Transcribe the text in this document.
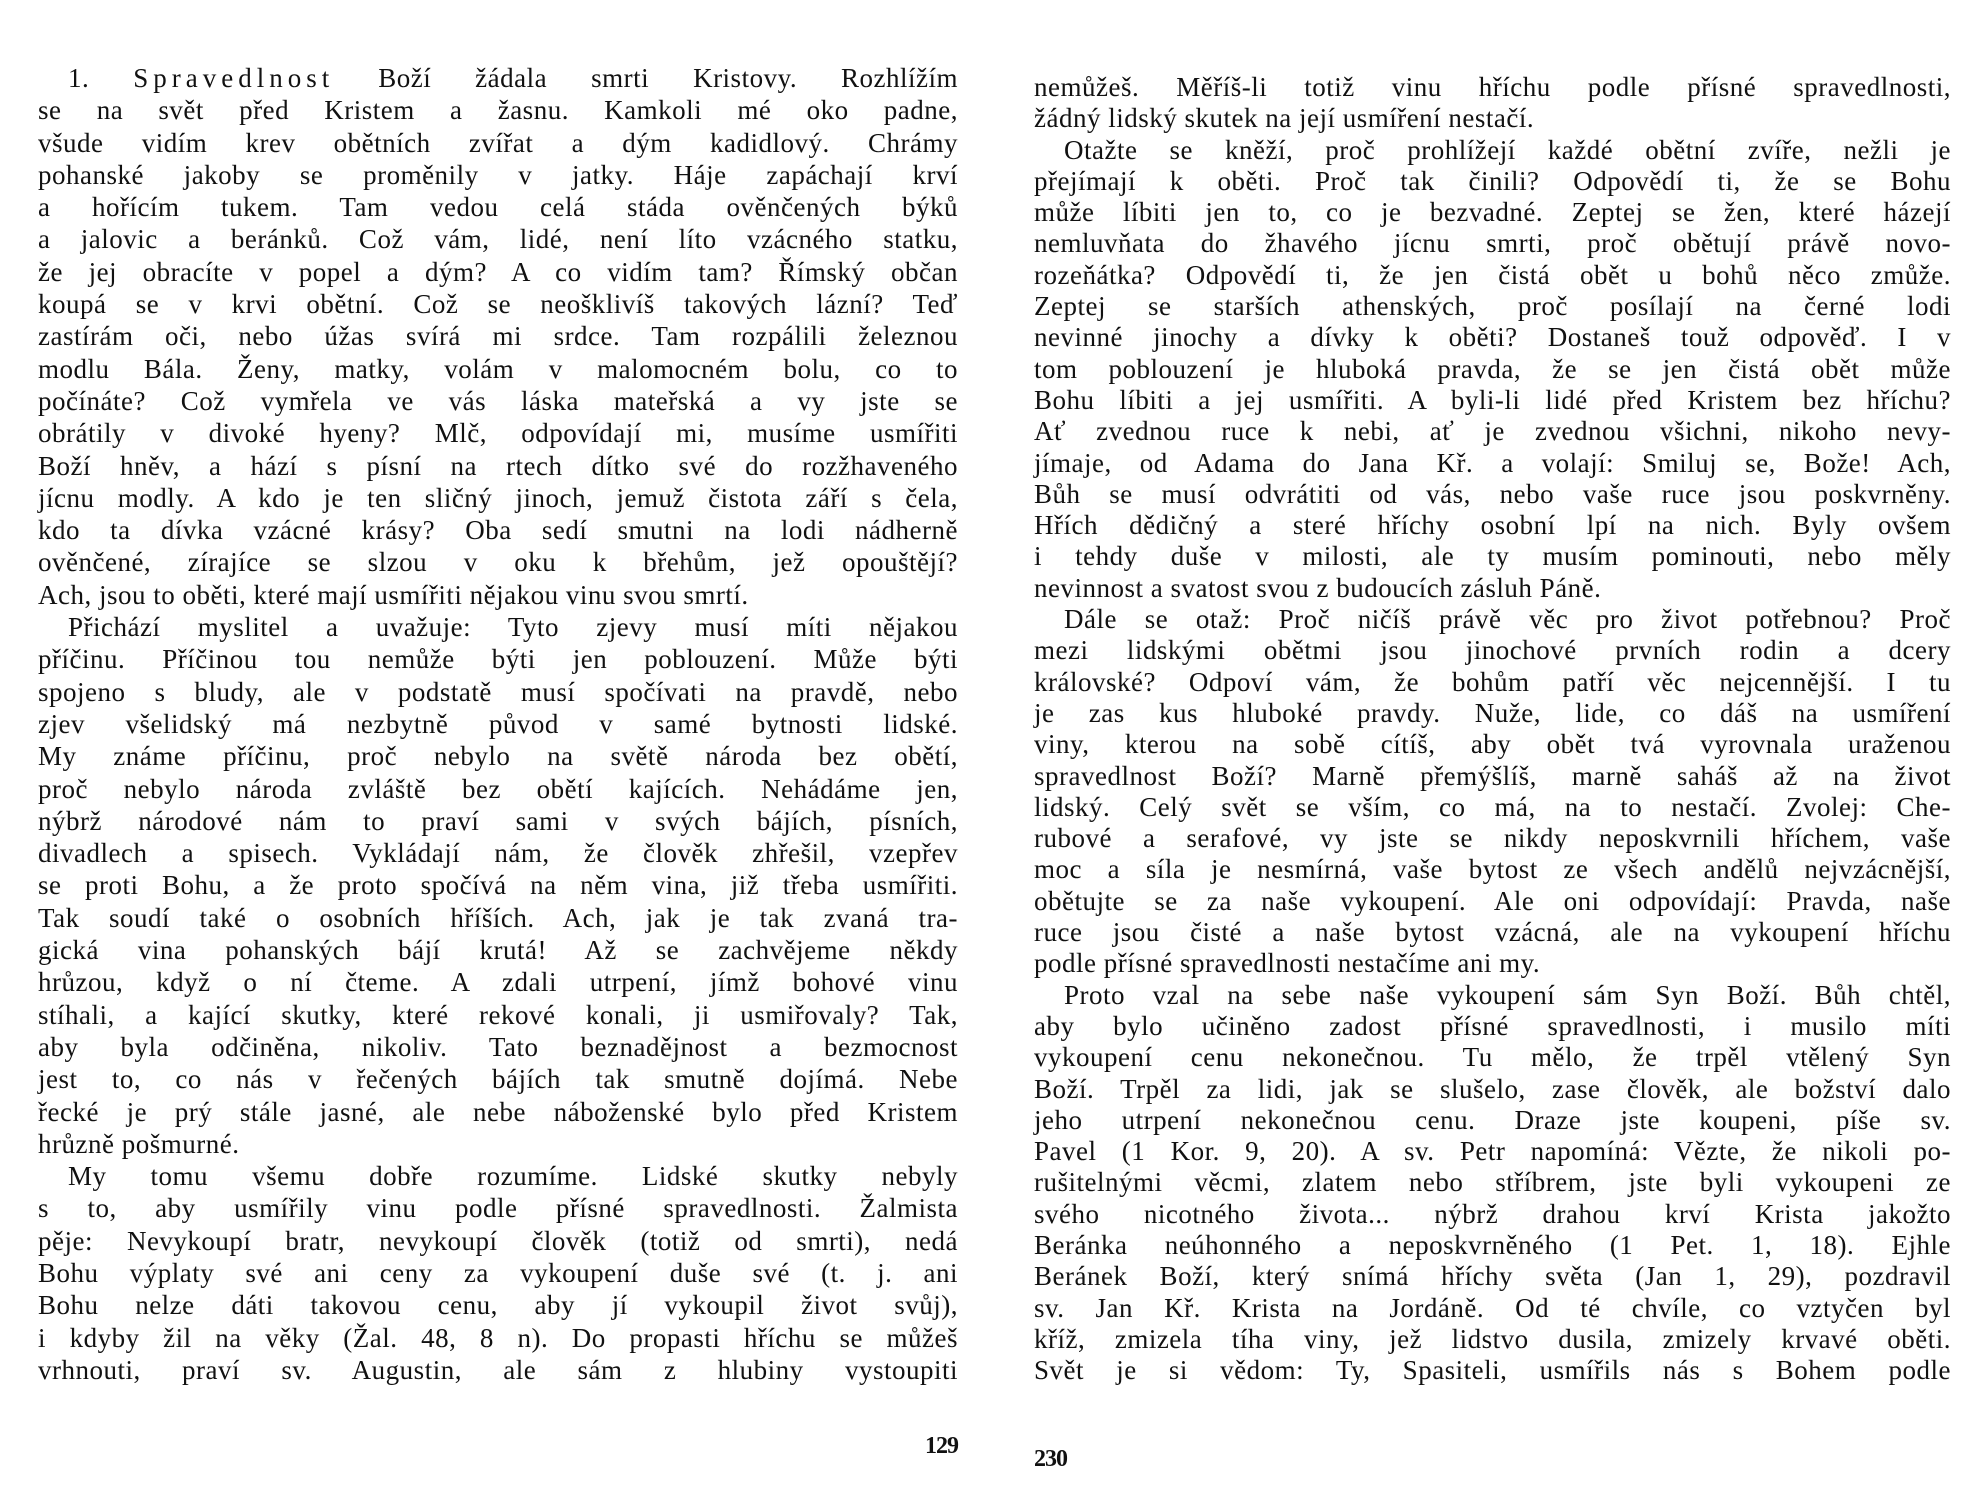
1. Spravedlnost Boží žádala smrti Kristovy. Rozhlížím
se na svět před Kristem a žasnu. Kamkoli mé oko padne,
všude vidím krev obětních zvířat a dým kadidlový. Chrámy
pohanské jakoby se proměnily v jatky. Háje zapáchají krví
a hořícím tukem. Tam vedou celá stáda ověnčených býků
a jalovic a beránků. Což vám, lidé, není líto vzácného statku,
že jej obracíte v popel a dým? A co vidím tam? Římský občan
koupá se v krvi obětní. Což se neošklivíš takových lázní? Teď
zastírám oči, nebo úžas svírá mi srdce. Tam rozpálili železnou
modlu Bála. Ženy, matky, volám v malomocném bolu, co to
počínáte? Což vymřela ve vás láska mateřská a vy jste se
obrátily v divoké hyeny? Mlč, odpovídají mi, musíme usmířiti
Boží hněv, a hází s písní na rtech dítko své do rozžhaveného
jícnu modly. A kdo je ten sličný jinoch, jemuž čistota září s čela,
kdo ta dívka vzácné krásy? Oba sedí smutni na lodi nádherně
ověnčené, zírajíce se slzou v oku k břehům, jež opouštějí?
Ach, jsou to oběti, které mají usmířiti nějakou vinu svou smrtí.
Přichází myslitel a uvažuje: Tyto zjevy musí míti nějakou
příčinu. Příčinou tou nemůže býti jen poblouzení. Může býti
spojeno s bludy, ale v podstatě musí spočívati na pravdě, nebo
zjev všelidský má nezbytně původ v samé bytnosti lidské.
My známe příčinu, proč nebylo na světě národa bez obětí,
proč nebylo národa zvláště bez obětí kajících. Nehádáme jen,
nýbrž národové nám to praví sami v svých bájích, písních,
divadlech a spisech. Vykládají nám, že člověk zhřešil, vzepřev
se proti Bohu, a že proto spočívá na něm vina, již třeba usmířiti.
Tak soudí také o osobních hříších. Ach, jak je tak zvaná tra-
gická vina pohanských bájí krutá! Až se zachvějeme někdy
hrůzou, když o ní čteme. A zdali utrpení, jímž bohové vinu
stíhali, a kající skutky, které rekové konali, ji usmiřovaly? Tak,
aby byla odčiněna, nikoliv. Tato beznadějnost a bezmocnost
jest to, co nás v řečených bájích tak smutně dojímá. Nebe
řecké je prý stále jasné, ale nebe náboženské bylo před Kristem
hrůzně pošmurné.
My tomu všemu dobře rozumíme. Lidské skutky nebyly
s to, aby usmířily vinu podle přísné spravedlnosti. Žalmista
pěje: Nevykoupí bratr, nevykoupí člověk (totiž od smrti), nedá
Bohu výplaty své ani ceny za vykoupení duše své (t. j. ani
Bohu nelze dáti takovou cenu, aby jí vykoupil život svůj),
i kdyby žil na věky (Žal. 48, 8 n). Do propasti hříchu se můžeš
vrhnouti, praví sv. Augustin, ale sám z hlubiny vystoupiti
nemůžeš. Měříš-li totiž vinu hříchu podle přísné spravedlnosti,
žádný lidský skutek na její usmíření nestačí.
Otažte se kněží, proč prohlížejí každé obětní zvíře, nežli je
přejímají k oběti. Proč tak činili? Odpovědí ti, že se Bohu
může líbiti jen to, co je bezvadné. Zeptej se žen, které házejí
nemluvňata do žhavého jícnu smrti, proč obětují právě novo-
rozeňátka? Odpovědí ti, že jen čistá obět u bohů něco zmůže.
Zeptej se starších athenských, proč posílají na černé lodi
nevinné jinochy a dívky k oběti? Dostaneš touž odpověď. I v
tom poblouzení je hluboká pravda, že se jen čistá obět může
Bohu líbiti a jej usmířiti. A byli-li lidé před Kristem bez hříchu?
Ať zvednou ruce k nebi, ať je zvednou všichni, nikoho nevy-
jímaje, od Adama do Jana Kř. a volají: Smiluj se, Bože! Ach,
Bůh se musí odvrátiti od vás, nebo vaše ruce jsou poskvrněny.
Hřích dědičný a steré hříchy osobní lpí na nich. Byly ovšem
i tehdy duše v milosti, ale ty musím pominouti, nebo měly
nevinnost a svatost svou z budoucích zásluh Páně.
Dále se otaž: Proč ničíš právě věc pro život potřebnou? Proč
mezi lidskými obětmi jsou jinochové prvních rodin a dcery
královské? Odpoví vám, že bohům patří věc nejcennější. I tu
je zas kus hluboké pravdy. Nuže, lide, co dáš na usmíření
viny, kterou na sobě cítíš, aby obět tvá vyrovnala uraženou
spravedlnost Boží? Marně přemýšlíš, marně saháš až na život
lidský. Celý svět se vším, co má, na to nestačí. Zvolej: Che-
rubové a serafové, vy jste se nikdy neposkvrnili hříchem, vaše
moc a síla je nesmírná, vaše bytost ze všech andělů nejvzácnější,
obětujte se za naše vykoupení. Ale oni odpovídají: Pravda, naše
ruce jsou čisté a naše bytost vzácná, ale na vykoupení hříchu
podle přísné spravedlnosti nestačíme ani my.
Proto vzal na sebe naše vykoupení sám Syn Boží. Bůh chtěl,
aby bylo učiněno zadost přísné spravedlnosti, i musilo míti
vykoupení cenu nekonečnou. Tu mělo, že trpěl vtělený Syn
Boží. Trpěl za lidi, jak se slušelo, zase člověk, ale božství dalo
jeho utrpení nekonečnou cenu. Draze jste koupeni, píše sv.
Pavel (1 Kor. 9, 20). A sv. Petr napomíná: Vězte, že nikoli po-
rušitelnými věcmi, zlatem nebo stříbrem, jste byli vykoupeni ze
svého nicotného života... nýbrž drahou krví Krista jakožto
Beránka neúhonného a neposkvrněného (1 Pet. 1, 18). Ejhle
Beránek Boží, který snímá hříchy světa (Jan 1, 29), pozdravil
sv. Jan Kř. Krista na Jordáně. Od té chvíle, co vztyčen byl
kříž, zmizela tíha viny, jež lidstvo dusila, zmizely krvavé oběti.
Svět je si vědom: Ty, Spasiteli, usmířils nás s Bohem podle
129	230
